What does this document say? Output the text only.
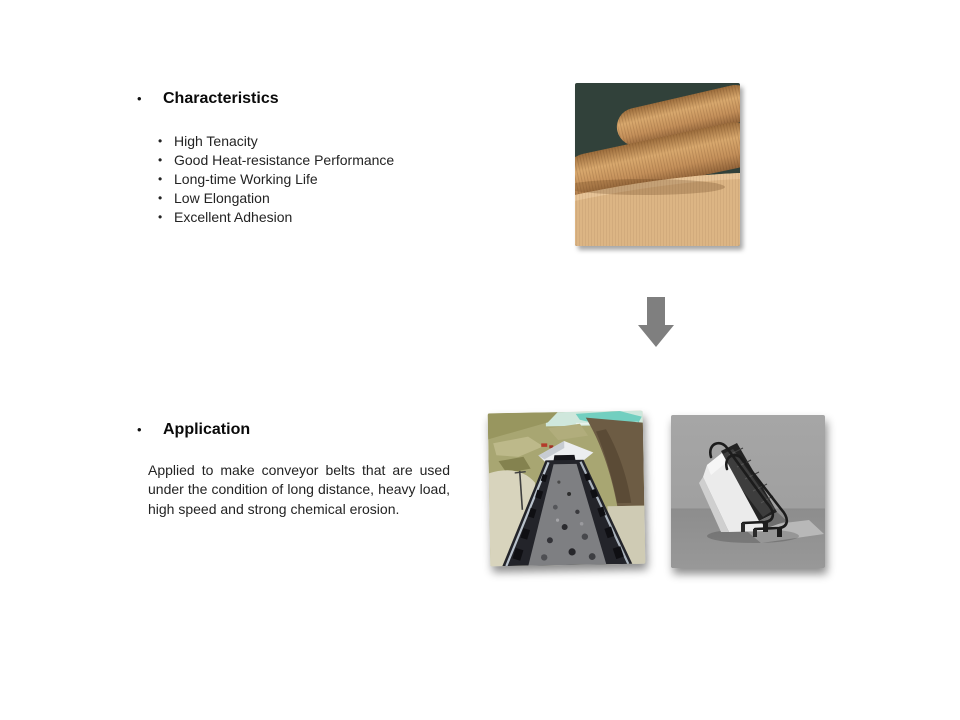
•	Characteristics
• High Tenacity
• Good Heat-resistance Performance
• Long-time Working Life
• Low Elongation
• Excellent Adhesion
•	Application
Applied to make conveyor belts that are used under the condition of long distance, heavy load, high speed and strong chemical erosion.
